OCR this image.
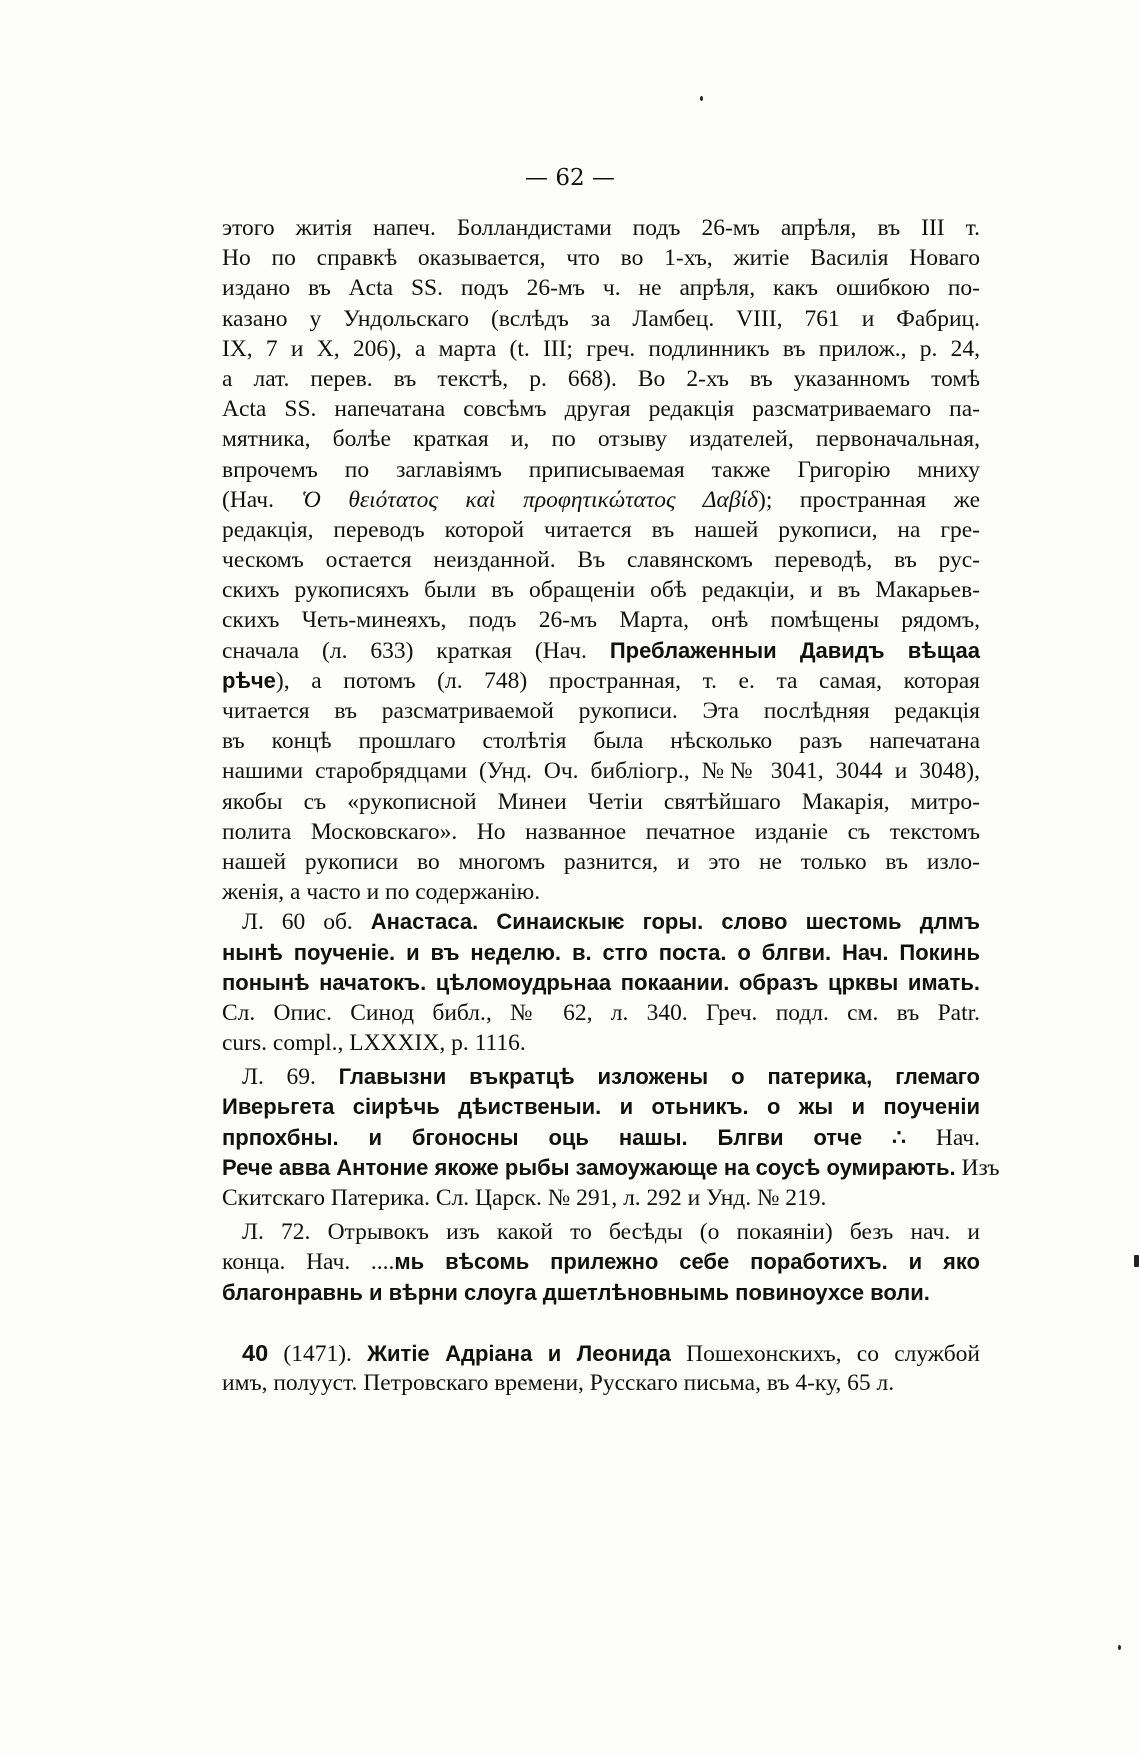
— 62 —
этого житія напеч. Болландистами подъ 26-мъ апрѣля, въ III т.
Но по справкѣ оказывается, что во 1-хъ, житіе Василія Новаго
издано въ Acta SS. подъ 26-мъ ч. не апрѣля, какъ ошибкою по-
казано у Ундольскаго (вслѣдъ за Ламбец. VIII, 761 и Фабриц.
IX, 7 и X, 206), а марта (t. III; греч. подлинникъ въ прилож., p. 24,
а лат. перев. въ текстѣ, p. 668). Во 2-хъ въ указанномъ томѣ
Acta SS. напечатана совсѣмъ другая редакція разсматриваемаго па-
мятника, болѣе краткая и, по отзыву издателей, первоначальная,
впрочемъ по заглавіямъ приписываемая также Григорію мниху
(Нач. Ὁ θειότατος καὶ προφητικώτατος Δαβίδ); пространная же
редакція, переводъ которой читается въ нашей рукописи, на гре-
ческомъ остается неизданной. Въ славянскомъ переводѣ, въ рус-
скихъ рукописяхъ были въ обращеніи обѣ редакціи, и въ Макарьев-
скихъ Четь-минеяхъ, подъ 26-мъ Марта, онѣ помѣщены рядомъ,
сначала (л. 633) краткая (Нач. Преблаженныи Давидъ вѣщаа
рѣче), а потомъ (л. 748) пространная, т. е. та самая, которая
читается въ разсматриваемой рукописи. Эта послѣдняя редакція
въ концѣ прошлаго столѣтія была нѣсколько разъ напечатана
нашими старобрядцами (Унд. Оч. библіогр., №№ 3041, 3044 и 3048),
якобы съ «рукописной Минеи Четіи святѣйшаго Макарія, митро-
полита Московскаго». Но названное печатное изданіе съ текстомъ
нашей рукописи во многомъ разнится, и это не только въ изло-
женія, а часто и по содержанію.
Л. 60 об. Анастаса. Синаискыѥ горы. слово шестомь длмъ
нынѣ поученіе. и въ неделю. в. стго поста. о блгви. Нач. Покинь
понынѣ начатокъ. цѣломоудрьнаа покаании. образъ црквы имать.
Сл. Опис. Синод библ., № 62, л. 340. Греч. подл. см. въ Patr.
curs. compl., LXXXIX, p. 1116.
Л. 69. Главызни въкратцѣ изложены о патерика, глемаго
Иверьгета сіирѣчь дѣиственыи. и отьникъ. о жы и поученіи
прпохбны. и бгоносны оць нашы. Блгви отче ∴ Нач.
Рече авва Антоние якоже рыбы замоужающе на соусѣ оумирають. Изъ
Скитскаго Патерика. Сл. Царск. № 291, л. 292 и Унд. № 219.
Л. 72. Отрывокъ изъ какой то бесѣды (о покаяніи) безъ нач. и
конца. Нач. ....мь вѣсомь прилежно себе поработихъ. и яко
благонравнь и вѣрни слоуга дшетлѣновнымь повиноухсе воли.
40 (1471). Житіе Адріана и Леонида Пошехонскихъ, со службой
имъ, полууст. Петровскаго времени, Русскаго письма, въ 4-ку, 65 л.
